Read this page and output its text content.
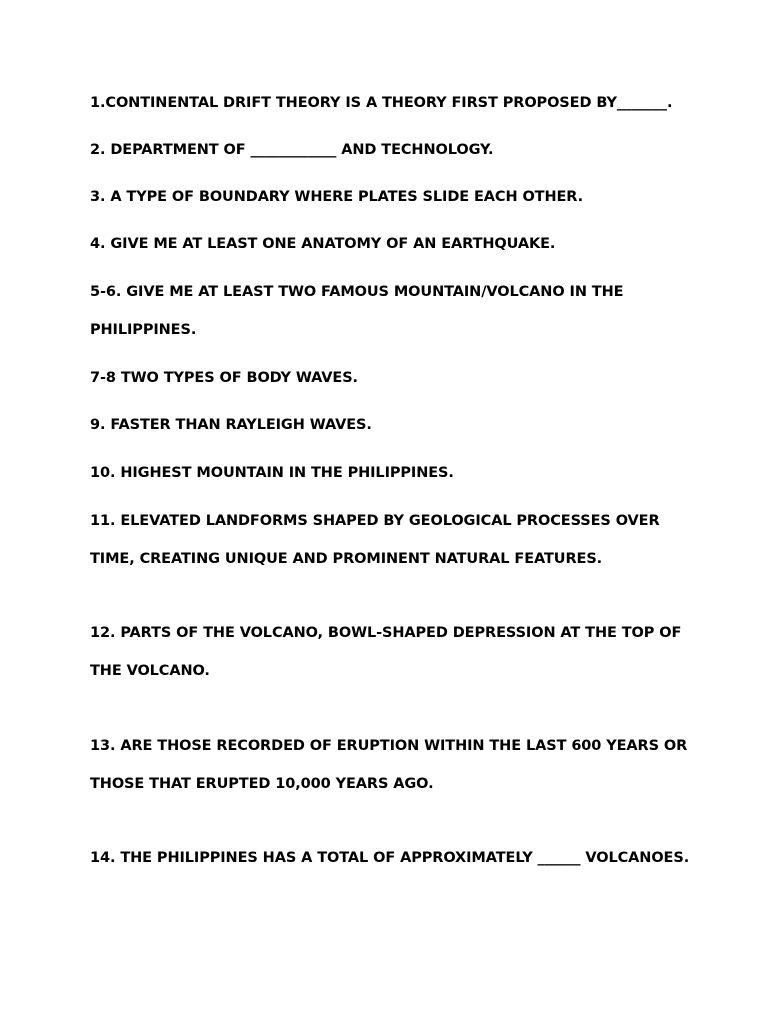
1.CONTINENTAL DRIFT THEORY IS A THEORY FIRST PROPOSED BY_______.

2. DEPARTMENT OF ____________ AND TECHNOLOGY.

3. A TYPE OF BOUNDARY WHERE PLATES SLIDE EACH OTHER.

4. GIVE ME AT LEAST ONE ANATOMY OF AN EARTHQUAKE.

5-6. GIVE ME AT LEAST TWO FAMOUS MOUNTAIN/VOLCANO IN THE

PHILIPPINES.

7-8 TWO TYPES OF BODY WAVES.

9. FASTER THAN RAYLEIGH WAVES.

10. HIGHEST MOUNTAIN IN THE PHILIPPINES.

11. ELEVATED LANDFORMS SHAPED BY GEOLOGICAL PROCESSES OVER

TIME, CREATING UNIQUE AND PROMINENT NATURAL FEATURES.

12. PARTS OF THE VOLCANO, BOWL-SHAPED DEPRESSION AT THE TOP OF

THE VOLCANO.

13. ARE THOSE RECORDED OF ERUPTION WITHIN THE LAST 600 YEARS OR

THOSE THAT ERUPTED 10,000 YEARS AGO.

14. THE PHILIPPINES HAS A TOTAL OF APPROXIMATELY ______ VOLCANOES.
